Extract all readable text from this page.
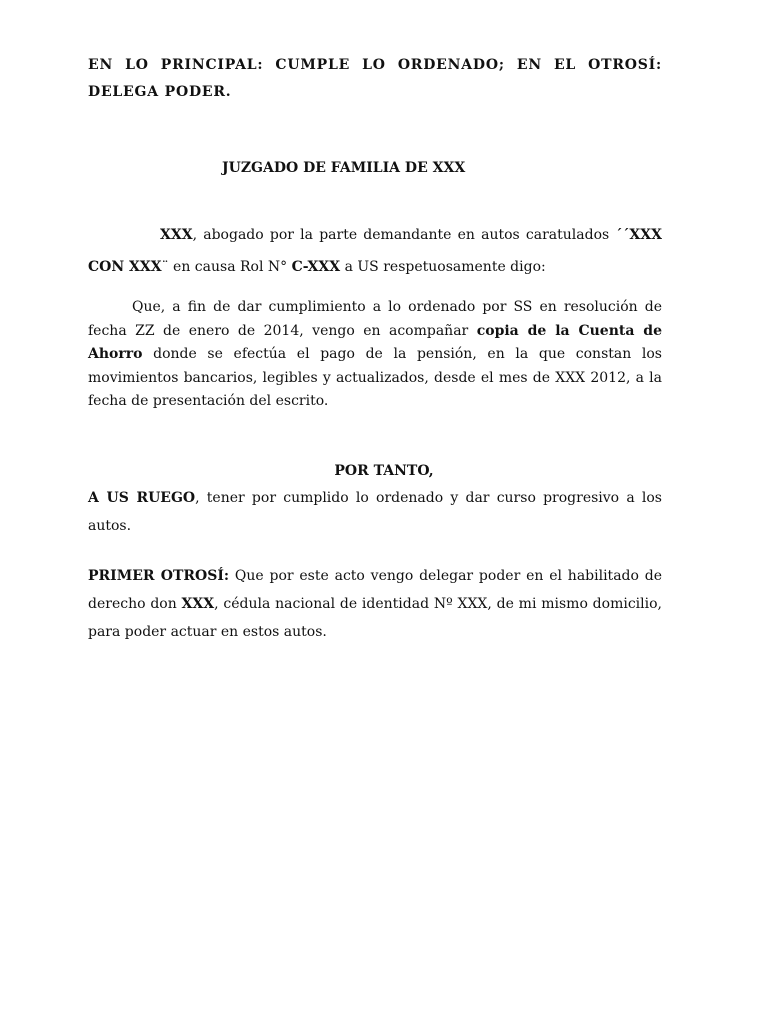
EN LO PRINCIPAL: CUMPLE LO ORDENADO; EN EL OTROSÍ: DELEGA PODER.
JUZGADO DE FAMILIA DE XXX
XXX, abogado por la parte demandante en autos caratulados ´´XXX CON XXX¨ en causa Rol N° C-XXX a US respetuosamente digo:
Que, a fin de dar cumplimiento a lo ordenado por SS en resolución de fecha ZZ de enero de 2014, vengo en acompañar copia de la Cuenta de Ahorro donde se efectúa el pago de la pensión, en la que constan los movimientos bancarios, legibles y actualizados, desde el mes de XXX 2012, a la fecha de presentación del escrito.
POR TANTO,
A US RUEGO, tener por cumplido lo ordenado y dar curso progresivo a los autos.
PRIMER OTROSÍ: Que por este acto vengo delegar poder en el habilitado de derecho don XXX, cédula nacional de identidad Nº XXX, de mi mismo domicilio, para poder actuar en estos autos.
